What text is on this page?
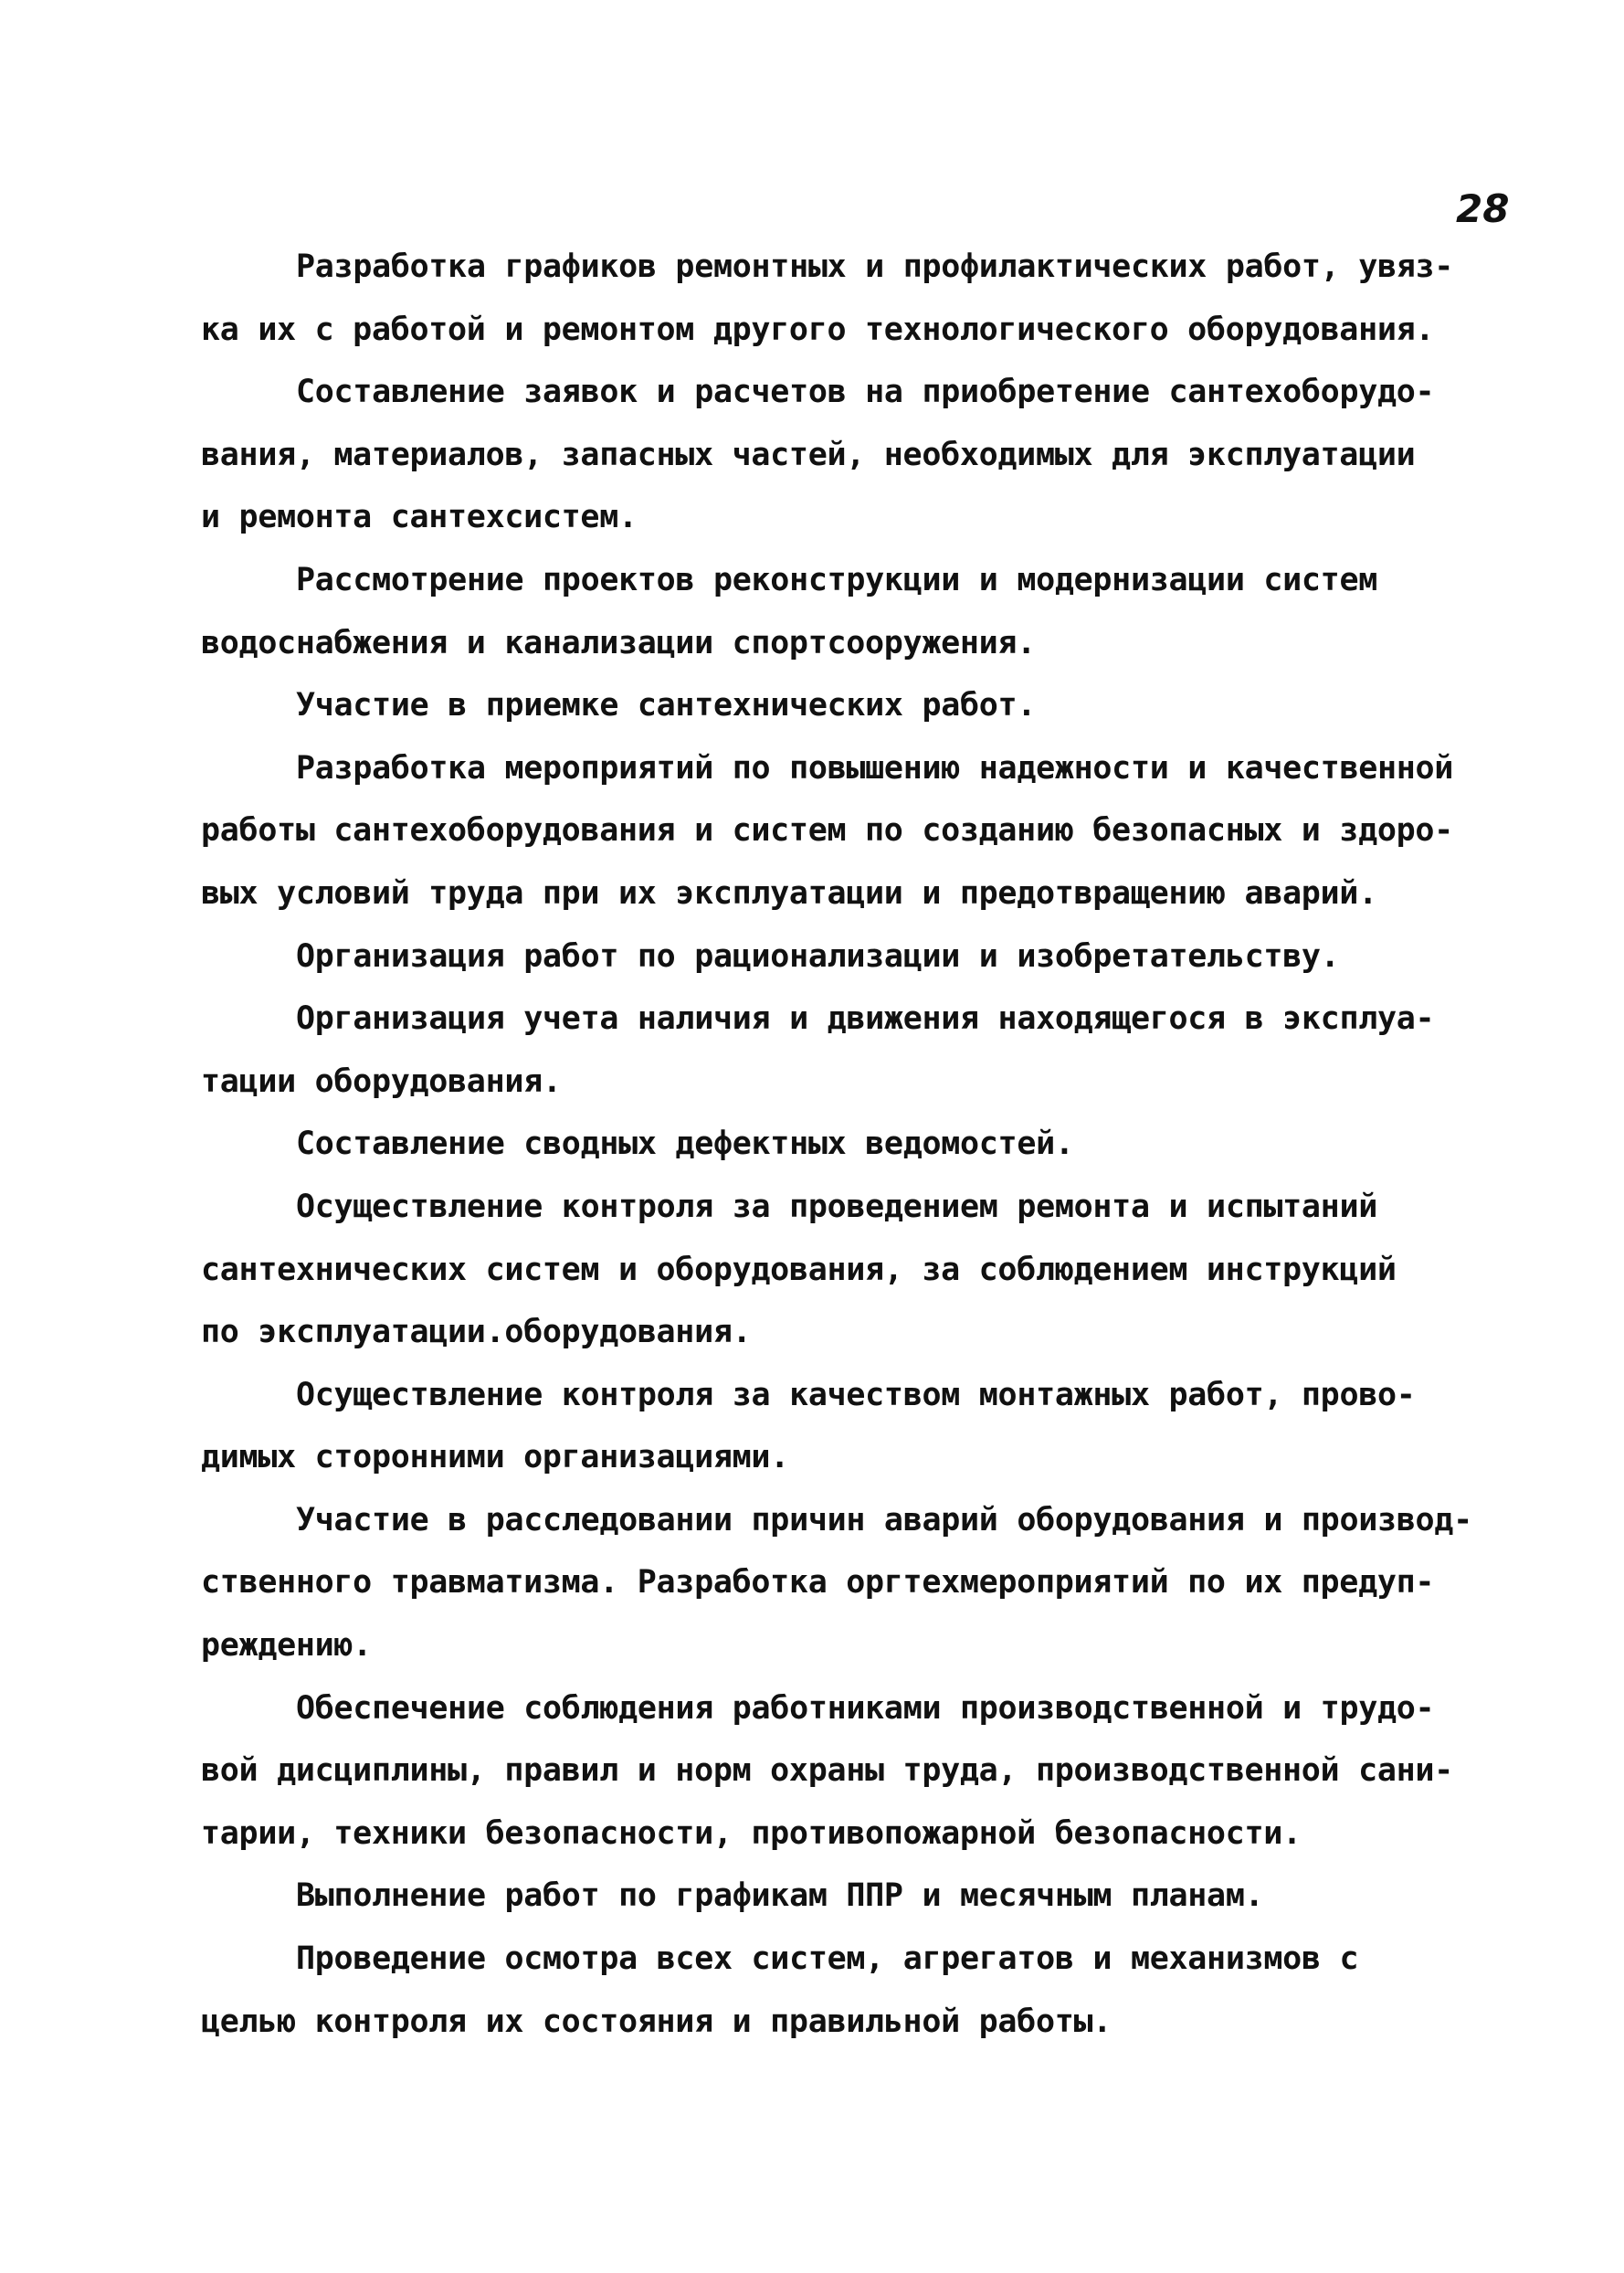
28

Разработка графиков ремонтных и профилактических работ, увяз-
ка их с работой и ремонтом другого технологического оборудования.

Составление заявок и расчетов на приобретение сантехоборудо-
вания, материалов, запасных частей, необходимых для эксплуатации
и ремонта сантехсистем.

Рассмотрение проектов реконструкции и модернизации систем
водоснабжения и канализации спортсооружения.

Участие в приемке сантехнических работ.

Разработка мероприятий по повышению надежности и качественной
работы сантехоборудования и систем по созданию безопасных и здоро-
вых условий труда при их эксплуатации и предотвращению аварий.

Организация работ по рационализации и изобретательству.

Организация учета наличия и движения находящегося в эксплуа-
тации оборудования.

Составление сводных дефектных ведомостей.

Осуществление контроля за проведением ремонта и испытаний
сантехнических систем и оборудования, за соблюдением инструкций
по эксплуатации.оборудования.

Осуществление контроля за качеством монтажных работ, прово-
димых сторонними организациями.

Участие в расследовании причин аварий оборудования и производ-
ственного травматизма. Разработка оргтехмероприятий по их предуп-
реждению.

Обеспечение соблюдения работниками производственной и трудо-
вой дисциплины, правил и норм охраны труда, производственной сани-
тарии, техники безопасности, противопожарной безопасности.

Выполнение работ по графикам ППР и месячным планам.

Проведение осмотра всех систем, агрегатов и механизмов с
целью контроля их состояния и правильной работы.
